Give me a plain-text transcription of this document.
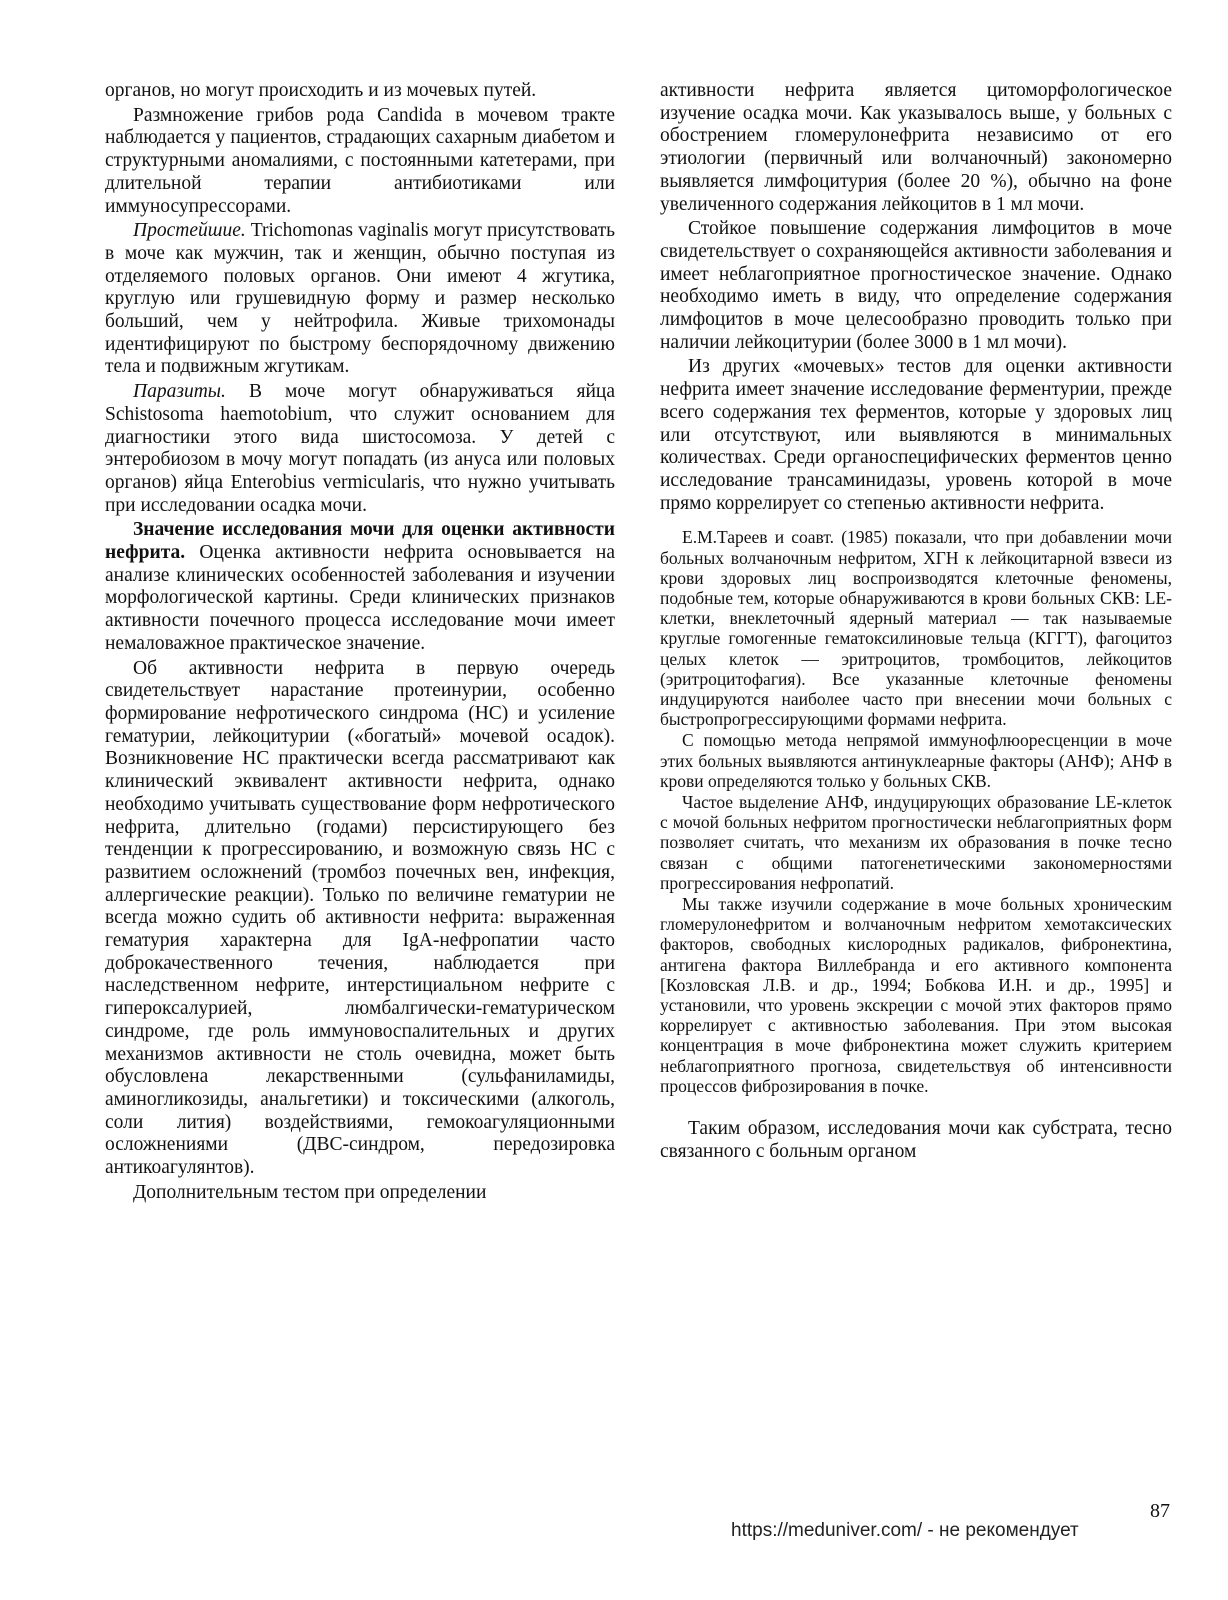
органов, но могут происходить и из мочевых путей.

Размножение грибов рода Candida в мочевом тракте наблюдается у пациентов, страдающих сахарным диабетом и структурными аномалиями, с постоянными катетерами, при длительной терапии антибиотиками или иммуносупрессорами.

Простейшие. Trichomonas vaginalis могут присутствовать в моче как мужчин, так и женщин, обычно поступая из отделяемого половых органов. Они имеют 4 жгутика, круглую или грушевидную форму и размер несколько больший, чем у нейтрофила. Живые трихомонады идентифицируют по быстрому беспорядочному движению тела и подвижным жгутикам.

Паразиты. В моче могут обнаруживаться яйца Schistosoma haemotobium, что служит основанием для диагностики этого вида шистосомоза. У детей с энтеробиозом в мочу могут попадать (из ануса или половых органов) яйца Enterobius vermicularis, что нужно учитывать при исследовании осадка мочи.

Значение исследования мочи для оценки активности нефрита. Оценка активности нефрита основывается на анализе клинических особенностей заболевания и изучении морфологической картины. Среди клинических признаков активности почечного процесса исследование мочи имеет немаловажное практическое значение.

Об активности нефрита в первую очередь свидетельствует нарастание протеинурии, особенно формирование нефротического синдрома (НС) и усиление гематурии, лейкоцитурии («богатый» мочевой осадок). Возникновение НС практически всегда рассматривают как клинический эквивалент активности нефрита, однако необходимо учитывать существование форм нефротического нефрита, длительно (годами) персистирующего без тенденции к прогрессированию, и возможную связь НС с развитием осложнений (тромбоз почечных вен, инфекция, аллергические реакции). Только по величине гематурии не всегда можно судить об активности нефрита: выраженная гематурия характерна для IgA-нефропатии часто доброкачественного течения, наблюдается при наследственном нефрите, интерстициальном нефрите с гипероксалурией, люмбалгически-гематурическом синдроме, где роль иммуновоспалительных и других механизмов активности не столь очевидна, может быть обусловлена лекарственными (сульфаниламиды, аминогликозиды, анальгетики) и токсическими (алкоголь, соли лития) воздействиями, гемокоагуляционными осложнениями (ДВС-синдром, передозировка антикоагулянтов).

Дополнительным тестом при определении

активности нефрита является цитоморфологическое изучение осадка мочи. Как указывалось выше, у больных с обострением гломерулонефрита независимо от его этиологии (первичный или волчаночный) закономерно выявляется лимфоцитурия (более 20 %), обычно на фоне увеличенного содержания лейкоцитов в 1 мл мочи.

Стойкое повышение содержания лимфоцитов в моче свидетельствует о сохраняющейся активности заболевания и имеет неблагоприятное прогностическое значение. Однако необходимо иметь в виду, что определение содержания лимфоцитов в моче целесообразно проводить только при наличии лейкоцитурии (более 3000 в 1 мл мочи).

Из других «мочевых» тестов для оценки активности нефрита имеет значение исследование ферментурии, прежде всего содержания тех ферментов, которые у здоровых лиц или отсутствуют, или выявляются в минимальных количествах. Среди органоспецифических ферментов ценно исследование трансаминидазы, уровень которой в моче прямо коррелирует со степенью активности нефрита.

Е.М.Тареев и соавт. (1985) показали, что при добавлении мочи больных волчаночным нефритом, ХГН к лейкоцитарной взвеси из крови здоровых лиц воспроизводятся клеточные феномены, подобные тем, которые обнаруживаются в крови больных СКВ: LE-клетки, внеклеточный ядерный материал — так называемые круглые гомогенные гематоксилиновые тельца (КГГТ), фагоцитоз целых клеток — эритроцитов, тромбоцитов, лейкоцитов (эритроцитофагия). Все указанные клеточные феномены индуцируются наиболее часто при внесении мочи больных с быстропрогрессирующими формами нефрита.

С помощью метода непрямой иммунофлюоресценции в моче этих больных выявляются антинуклеарные факторы (АНФ); АНФ в крови определяются только у больных СКВ.

Частое выделение АНФ, индуцирующих образование LE-клеток с мочой больных нефритом прогностически неблагоприятных форм позволяет считать, что механизм их образования в почке тесно связан с общими патогенетическими закономерностями прогрессирования нефропатий.

Мы также изучили содержание в моче больных хроническим гломерулонефритом и волчаночным нефритом хемотаксических факторов, свободных кислородных радикалов, фибронектина, антигена фактора Виллебранда и его активного компонента [Козловская Л.В. и др., 1994; Бобкова И.Н. и др., 1995] и установили, что уровень экскреции с мочой этих факторов прямо коррелирует с активностью заболевания. При этом высокая концентрация в моче фибронектина может служить критерием неблагоприятного прогноза, свидетельствуя об интенсивности процессов фиброзирования в почке.

Таким образом, исследования мочи как субстрата, тесно связанного с больным органом

87
https://meduniver.com/ - не рекомендует
